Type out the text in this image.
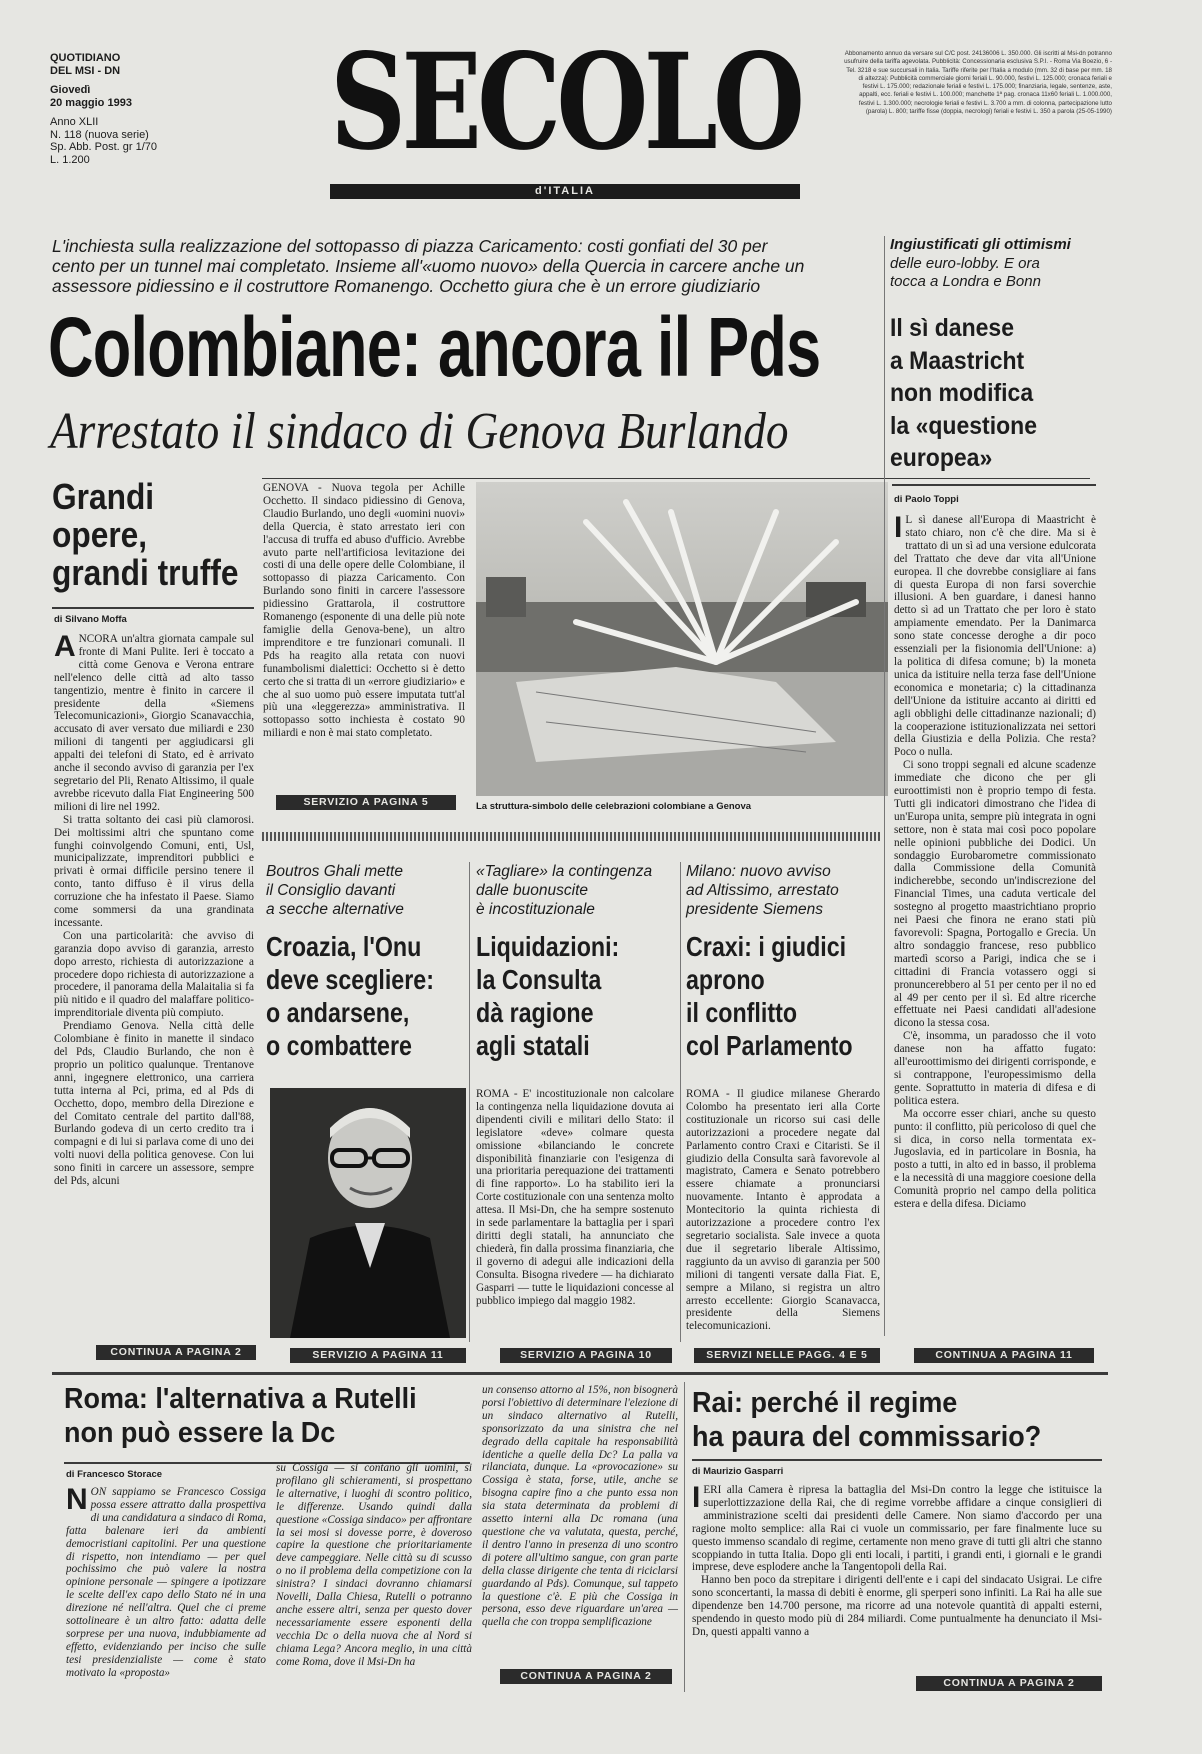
QUOTIDIANO
DEL MSI - DN
Giovedì
20 maggio 1993
Anno XLII
N. 118 (nuova serie)
Sp. Abb. Post. gr 1/70
L. 1.200	SECOLO
d'ITALIA
Abbonamento annuo da versare sul C/C post. 24136006 L. 350.000. Gli iscritti al Msi-dn potranno usufruire della tariffa agevolata. Pubblicità: Concessionaria esclusiva S.P.I. - Roma Via Boezio, 6 - Tel. 3218 e sue succursali in Italia. Tariffe riferite per l'Italia a modulo (mm. 32 di base per mm. 18 di altezza): Pubblicità commerciale giorni feriali L. 90.000, festivi L. 125.000; cronaca feriali e festivi L. 175.000; redazionale feriali e festivi L. 175.000; finanziaria, legale, sentenze, aste, appalti, ecc. feriali e festivi L. 100.000; manchette 1ª pag. cronaca 11x60 feriali L. 1.000.000, festivi L. 1.300.000; necrologie feriali e festivi L. 3.700 a mm. di colonna, partecipazione lutto (parola) L. 800; tariffe fisse (doppia, necrologi) feriali e festivi L. 350 a parola (25-05-1990)
L'inchiesta sulla realizzazione del sottopasso di piazza Caricamento: costi gonfiati del 30 per cento per un tunnel mai completato. Insieme all'«uomo nuovo» della Quercia in carcere anche un assessore pidiessino e il costruttore Romanengo. Occhetto giura che è un errore giudiziario
Colombiane: ancora il Pds
Arrestato il sindaco di Genova Burlando
Grandi
opere,
grandi truffe
di Silvano Moffa

ANCORA un'altra giornata campale sul fronte di Mani Pulite. Ieri è toccato a città come Genova e Verona entrare nell'elenco delle città ad alto tasso tangentizio, mentre è finito in carcere il presidente della «Siemens Telecomunicazioni», Giorgio Scanavacchia, accusato di aver versato due miliardi e 230 milioni di tangenti per aggiudicarsi gli appalti dei telefoni di Stato, ed è arrivato anche il secondo avviso di garanzia per l'ex segretario del Pli, Renato Altissimo, il quale avrebbe ricevuto dalla Fiat Engineering 500 milioni di lire nel 1992.

Si tratta soltanto dei casi più clamorosi. Dei moltissimi altri che spuntano come funghi coinvolgendo Comuni, enti, Usl, municipalizzate, imprenditori pubblici e privati è ormai difficile persino tenere il conto, tanto diffuso è il virus della corruzione che ha infestato il Paese. Siamo come sommersi da una grandinata incessante.

Con una particolarità: che avviso di garanzia dopo avviso di garanzia, arresto dopo arresto, richiesta di autorizzazione a procedere dopo richiesta di autorizzazione a procedere, il panorama della Malaitalia si fa più nitido e il quadro del malaffare politico-imprenditoriale diventa più compiuto.

Prendiamo Genova. Nella città delle Colombiane è finito in manette il sindaco del Pds, Claudio Burlando, che non è proprio un politico qualunque. Trentanove anni, ingegnere elettronico, una carriera tutta interna al Pci, prima, ed al Pds di Occhetto, dopo, membro della Direzione e del Comitato centrale del partito dall'88, Burlando godeva di un certo credito tra i compagni e di lui si parlava come di uno dei volti nuovi della politica genovese. Con lui sono finiti in carcere un assessore, sempre del Pds, alcuni

CONTINUA A PAGINA 2
GENOVA - Nuova tegola per Achille Occhetto. Il sindaco pidiessino di Genova, Claudio Burlando, uno degli «uomini nuovi» della Quercia, è stato arrestato ieri con l'accusa di truffa ed abuso d'ufficio. Avrebbe avuto parte nell'artificiosa levitazione dei costi di una delle opere delle Colombiane, il sottopasso di piazza Caricamento. Con Burlando sono finiti in carcere l'assessore pidiessino Grattarola, il costruttore Romanengo (esponente di una delle più note famiglie della Genova-bene), un altro imprenditore e tre funzionari comunali. Il Pds ha reagito alla retata con nuovi funambolismi dialettici: Occhetto si è detto certo che si tratta di un «errore giudiziario» e che al suo uomo può essere imputata tutt'al più una «leggerezza» amministrativa. Il sottopasso sotto inchiesta è costato 90 miliardi e non è mai stato completato.
SERVIZIO A PAGINA 5	La struttura-simbolo delle celebrazioni colombiane a Genova
Ingiustificati gli ottimismi
delle euro-lobby. E ora
tocca a Londra e Bonn
Il sì danese
a Maastricht
non modifica
la «questione
europea»
di Paolo Toppi

I L sì danese all'Europa di Maastricht è stato chiaro, non c'è che dire. Ma si è trattato di un sì ad una versione edulcorata del Trattato che deve dar vita all'Unione europea. Il che dovrebbe consigliare ai fans di questa Europa di non farsi soverchie illusioni. A ben guardare, i danesi hanno detto sì ad un Trattato che per loro è stato ampiamente emendato. Per la Danimarca sono state concesse deroghe a dir poco essenziali per la fisionomia dell'Unione: a) la politica di difesa comune; b) la moneta unica da istituire nella terza fase dell'Unione economica e monetaria; c) la cittadinanza dell'Unione da istituire accanto ai diritti ed agli obblighi delle cittadinanze nazionali; d) la cooperazione istituzionalizzata nei settori della Giustizia e della Polizia. Che resta? Poco o nulla.

Ci sono troppi segnali ed alcune scadenze immediate che dicono che per gli euroottimisti non è proprio tempo di festa. Tutti gli indicatori dimostrano che l'idea di un'Europa unita, sempre più integrata in ogni settore, non è stata mai così poco popolare nelle opinioni pubbliche dei Dodici. Un sondaggio Eurobarometre commissionato dalla Commissione della Comunità indicherebbe, secondo un'indiscrezione del Financial Times, una caduta verticale del sostegno al progetto maastrichtiano proprio nei Paesi che finora ne erano stati più favorevoli: Spagna, Portogallo e Grecia. Un altro sondaggio francese, reso pubblico martedì scorso a Parigi, indica che se i cittadini di Francia votassero oggi si pronuncerebbero al 51 per cento per il no ed al 49 per cento per il sì. Ed altre ricerche effettuate nei Paesi candidati all'adesione dicono la stessa cosa.

C'è, insomma, un paradosso che il voto danese non ha affatto fugato: all'euroottimismo dei dirigenti corrisponde, e si contrappone, l'europessimismo della gente. Soprattutto in materia di difesa e di politica estera.

Ma occorre esser chiari, anche su questo punto: il conflitto, più pericoloso di quel che si dica, in corso nella tormentata ex-Jugoslavia, ed in particolare in Bosnia, ha posto a tutti, in alto ed in basso, il problema e la necessità di una maggiore coesione della Comunità proprio nel campo della politica estera e della difesa. Diciamo

CONTINUA A PAGINA 11
Boutros Ghali mette
il Consiglio davanti
a secche alternative
Croazia, l'Onu
deve scegliere:
o andarsene,
o combattere
SERVIZIO A PAGINA 11
«Tagliare» la contingenza
dalle buonuscite
è incostituzionale
Liquidazioni:
la Consulta
dà ragione
agli statali
ROMA - E' incostituzionale non calcolare la contingenza nella liquidazione dovuta ai dipendenti civili e militari dello Stato: il legislatore «deve» colmare questa omissione «bilanciando le concrete disponibilità finanziarie con l'esigenza di una prioritaria perequazione dei trattamenti di fine rapporto». Lo ha stabilito ieri la Corte costituzionale con una sentenza molto attesa. Il Msi-Dn, che ha sempre sostenuto in sede parlamentare la battaglia per i sparì diritti degli statali, ha annunciato che chiederà, fin dalla prossima finanziaria, che il governo di adegui alle indicazioni della Consulta. Bisogna rivedere — ha dichiarato Gasparri — tutte le liquidazioni concesse al pubblico impiego dal maggio 1982.
SERVIZIO A PAGINA 10
Milano: nuovo avviso
ad Altissimo, arrestato
presidente Siemens
Craxi: i giudici
aprono
il conflitto
col Parlamento
ROMA - Il giudice milanese Gherardo Colombo ha presentato ieri alla Corte costituzionale un ricorso sui casi delle autorizzazioni a procedere negate dal Parlamento contro Craxi e Citaristi. Se il giudizio della Consulta sarà favorevole al magistrato, Camera e Senato potrebbero essere chiamate a pronunciarsi nuovamente. Intanto è approdata a Montecitorio la quinta richiesta di autorizzazione a procedere contro l'ex segretario socialista. Sale invece a quota due il segretario liberale Altissimo, raggiunto da un avviso di garanzia per 500 milioni di tangenti versate dalla Fiat. E, sempre a Milano, si registra un altro arresto eccellente: Giorgio Scanavacca, presidente della Siemens telecomunicazioni.
SERVIZI NELLE PAGG. 4 E 5
Roma: l'alternativa a Rutelli
non può essere la Dc
di Francesco Storace

NON sappiamo se Francesco Cossiga possa essere attratto dalla prospettiva di una candidatura a sindaco di Roma, fatta balenare ieri da ambienti democristiani capitolini. Per una questione di rispetto, non intendiamo — per quel pochissimo che può valere la nostra opinione personale — spingere a ipotizzare le scelte dell'ex capo dello Stato né in una direzione né nell'altra. Quel che ci preme sottolineare è un altro fatto: adatta delle sorprese per una nuova, indubbiamente ad effetto, evidenziando per inciso che sulle tesi presidenzialiste — come è stato motivato la «proposta»

su Cossiga — si contano gli uomini, si profilano gli schieramenti, si prospettano le alternative, i luoghi di scontro politico, le differenze. Usando quindi dalla questione «Cossiga sindaco» per affrontare la sei mosi si dovesse porre, è doveroso capire la questione che prioritariamente deve campeggiare. Nelle città su di scusso o no il problema della competizione con la sinistra? I sindaci dovranno chiamarsi Novelli, Dalla Chiesa, Rutelli o potranno anche essere altri, senza per questo dover necessariamente essere esponenti della vecchia Dc o della nuova che al Nord si chiama Lega? Ancora meglio, in una città come Roma, dove il Msi-Dn ha
un consenso attorno al 15%, non bisognerà porsi l'obiettivo di determinare l'elezione di un sindaco alternativo al Rutelli, sponsorizzato da una sinistra che nel degrado della capitale ha responsabilità identiche a quelle della Dc? La palla va rilanciata, dunque. La «provocazione» su Cossiga è stata, forse, utile, anche se bisogna capire fino a che punto essa non sia stata determinata da problemi di assetto interni alla Dc romana (una questione che va valutata, questa, perché, il dentro l'anno in presenza di uno scontro di potere all'ultimo sangue, con gran parte della classe dirigente che tenta di riciclarsi guardando al Pds). Comunque, sul tappeto la questione c'è. E più che Cossiga in persona, esso deve riguardare un'area — quella che con troppa semplificazione
CONTINUA A PAGINA 2
Rai: perché il regime
ha paura del commissario?
di Maurizio Gasparri

IERI alla Camera è ripresa la battaglia del Msi-Dn contro la legge che istituisce la superlottizzazione della Rai, che di regime vorrebbe affidare a cinque consiglieri di amministrazione scelti dai presidenti delle Camere. Non siamo d'accordo per una ragione molto semplice: alla Rai ci vuole un commissario, per fare finalmente luce su questo immenso scandalo di regime, certamente non meno grave di tutti gli altri che stanno scoppiando in tutta Italia. Dopo gli enti locali, i partiti, i grandi enti, i giornali e le grandi imprese, deve esplodere anche la Tangentopoli della Rai.

Hanno ben poco da strepitare i dirigenti dell'ente e i capi del sindacato Usigrai. Le cifre sono sconcertanti, la massa di debiti è enorme, gli sperperi sono infiniti. La Rai ha alle sue dipendenze ben 14.700 persone, ma ricorre ad una notevole quantità di appalti esterni, spendendo in questo modo più di 284 miliardi. Come puntualmente ha denunciato il Msi-Dn, questi appalti vanno a

CONTINUA A PAGINA 2
